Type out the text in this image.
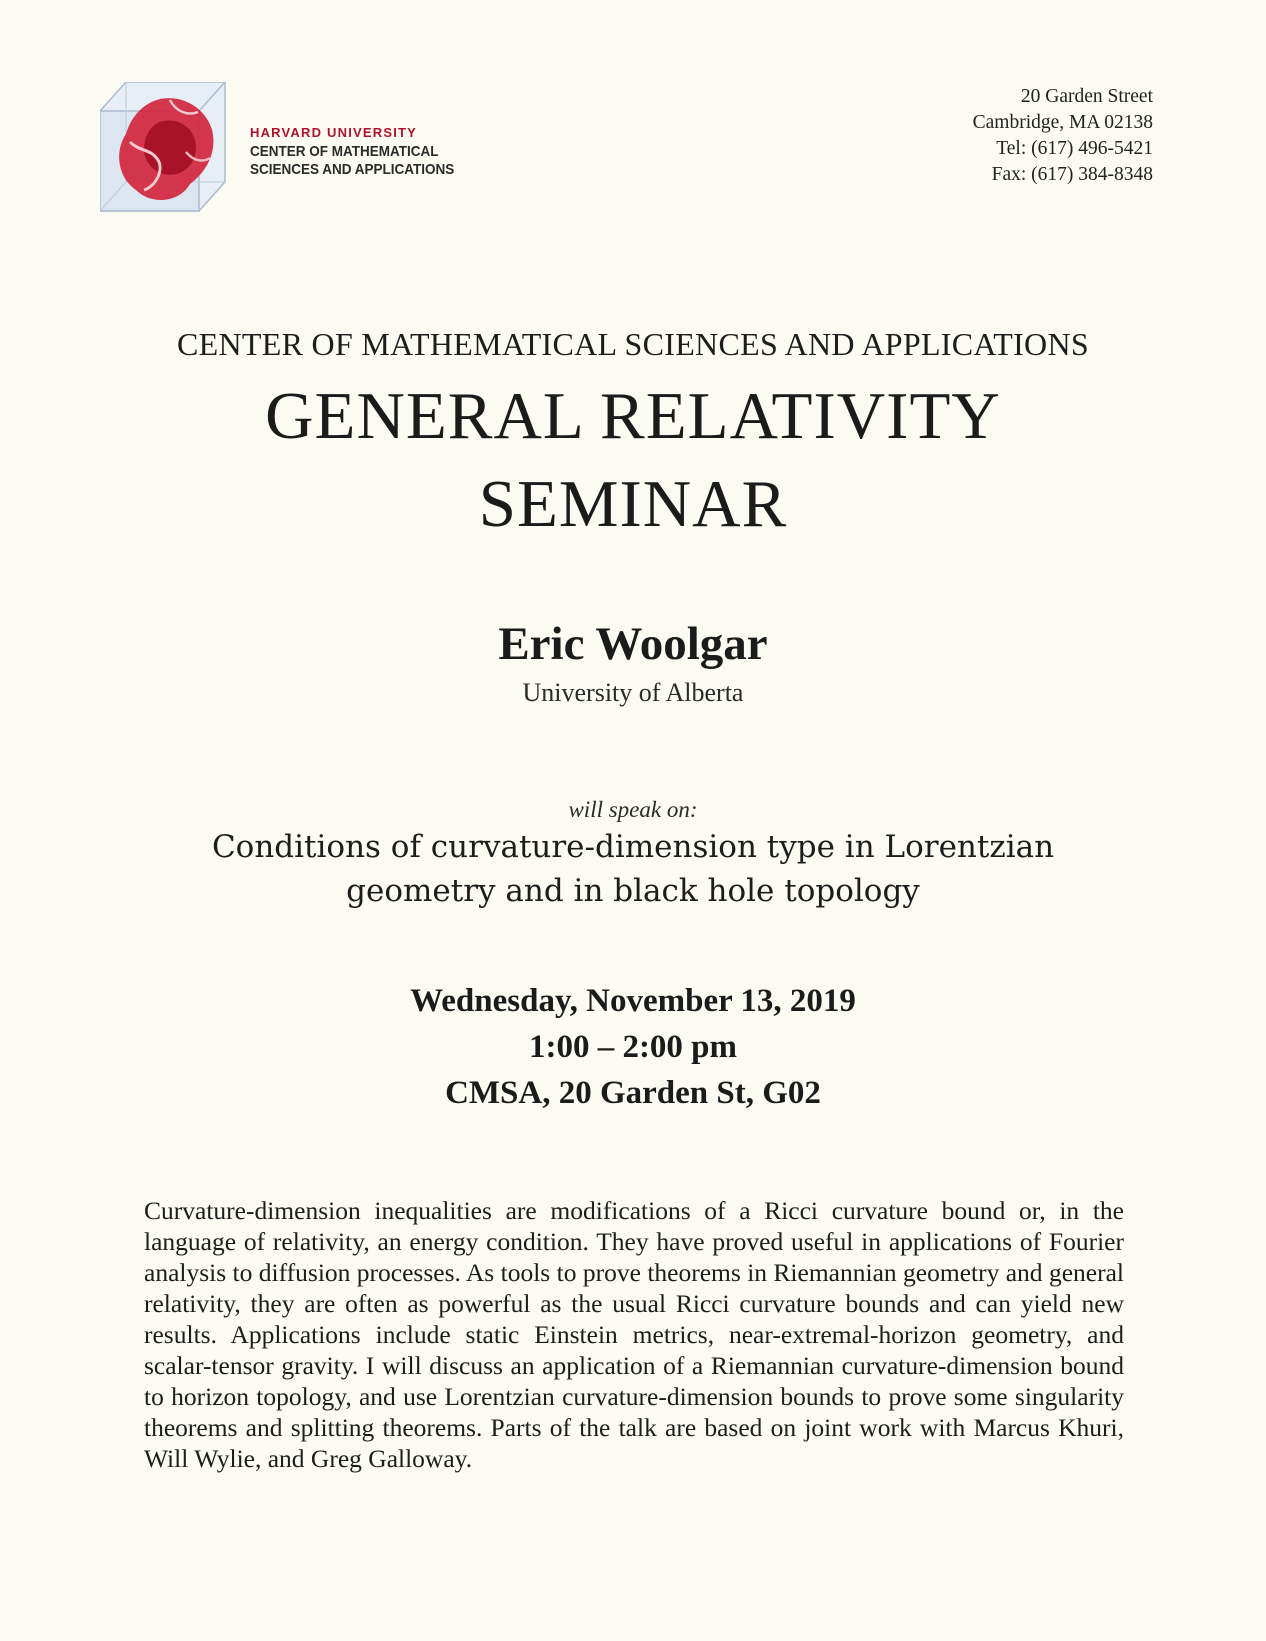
HARVARD UNIVERSITY
CENTER OF MATHEMATICAL
SCIENCES AND APPLICATIONS
20 Garden Street
Cambridge, MA 02138
Tel: (617) 496-5421
Fax: (617) 384-8348
CENTER OF MATHEMATICAL SCIENCES AND APPLICATIONS
GENERAL RELATIVITY
SEMINAR
Eric Woolgar
University of Alberta
will speak on:
Conditions of curvature-dimension type in Lorentzian
geometry and in black hole topology
Wednesday, November 13, 2019
1:00 – 2:00 pm
CMSA, 20 Garden St, G02
Curvature-dimension inequalities are modifications of a Ricci curvature bound or, in the language of relativity, an energy condition. They have proved useful in applications of Fourier analysis to diffusion processes. As tools to prove theorems in Riemannian geometry and general relativity, they are often as powerful as the usual Ricci curvature bounds and can yield new results. Applications include static Einstein metrics, near-extremal-horizon geometry, and scalar-tensor gravity. I will discuss an application of a Riemannian curvature-dimension bound to horizon topology, and use Lorentzian curvature-dimension bounds to prove some singularity theorems and splitting theorems. Parts of the talk are based on joint work with Marcus Khuri, Will Wylie, and Greg Galloway.
